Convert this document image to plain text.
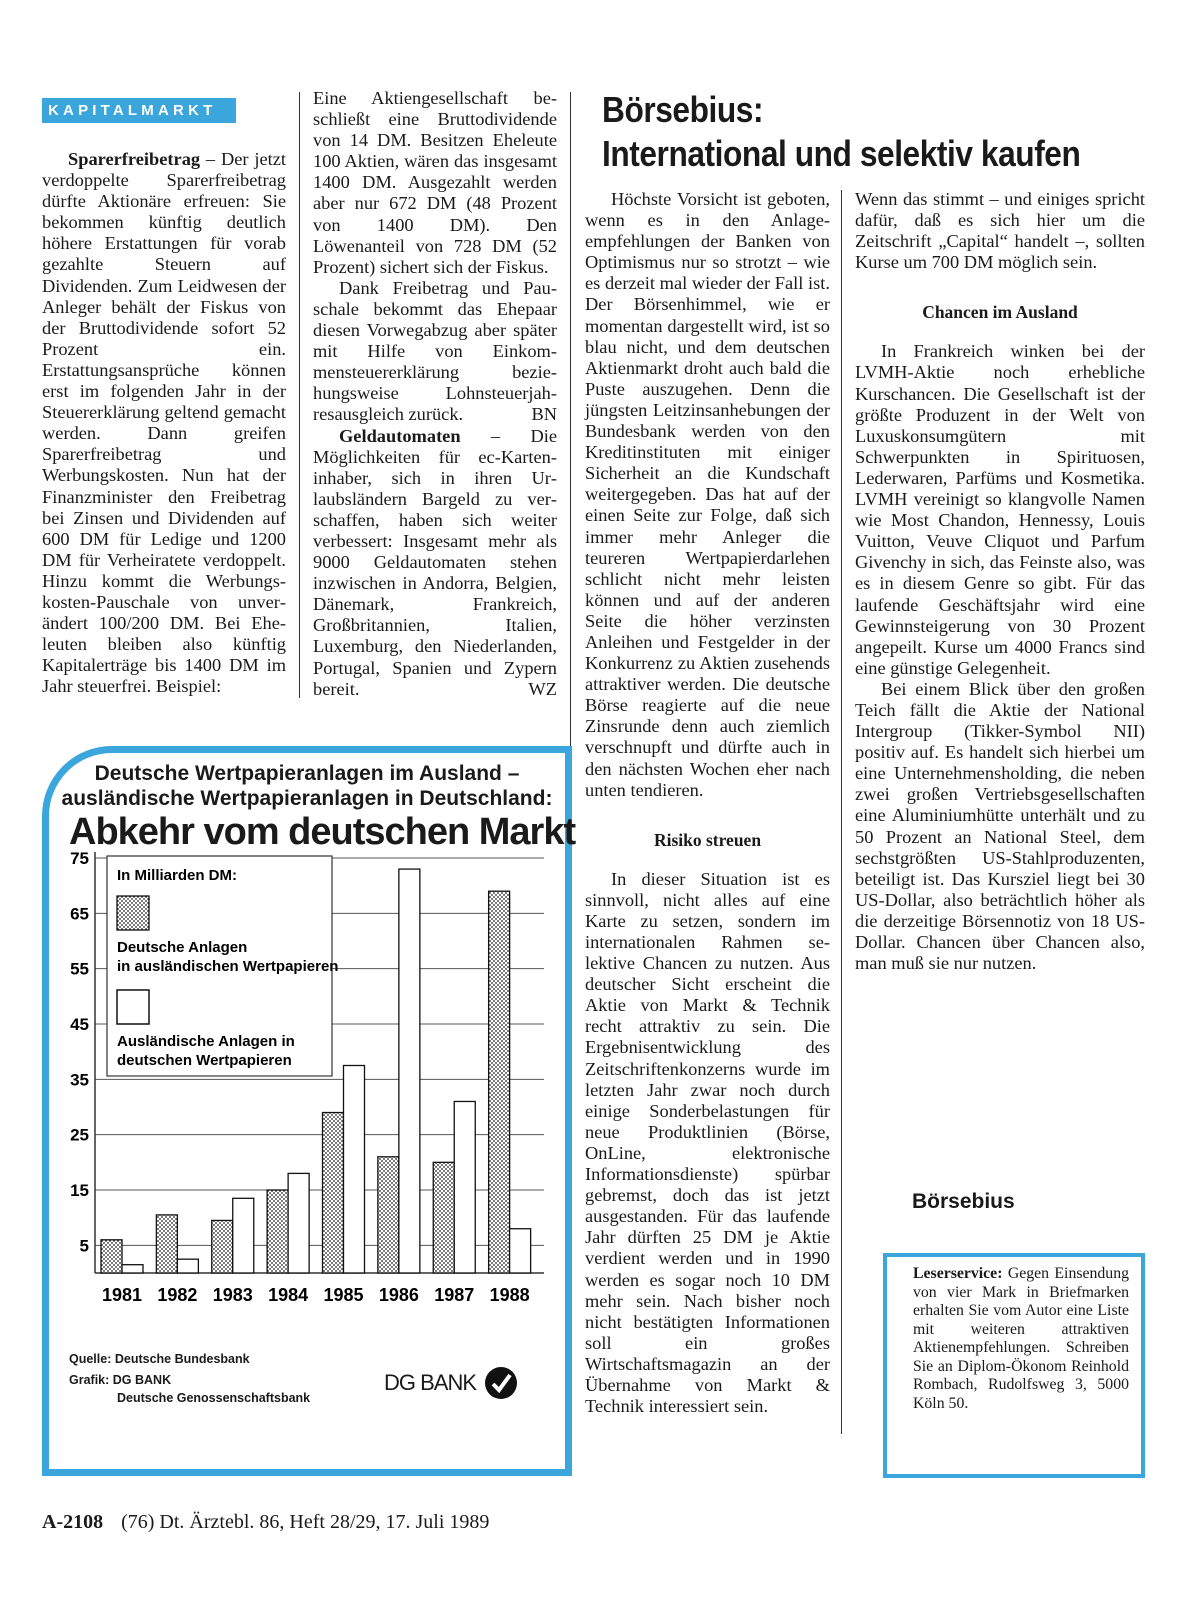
KAPITALMARKT

Sparerfreibetrag – Der jetzt verdoppelte Sparerfreibetrag dürfte Aktionäre erfreuen: Sie bekommen künftig deutlich höhere Erstattungen für vorab gezahlte Steuern auf Dividenden. Zum Leidwesen der Anleger behält der Fiskus von der Bruttodividende sofort 52 Prozent ein. Erstattungsansprüche können erst im folgenden Jahr in der Steuererklärung geltend gemacht werden. Dann greifen Sparerfreibetrag und Werbungskosten. Nun hat der Finanzminister den Freibetrag bei Zinsen und Dividenden auf 600 DM für Ledige und 1200 DM für Verheiratete verdoppelt. Hinzu kommt die Werbungskosten-Pauschale von unverändert 100/200 DM. Bei Eheleuten bleiben also künftig Kapitalerträge bis 1400 DM im Jahr steuerfrei. Beispiel:

Eine Aktiengesellschaft beschließt eine Bruttodividende von 14 DM. Besitzen Eheleute 100 Aktien, wären das insgesamt 1400 DM. Ausgezahlt werden aber nur 672 DM (48 Prozent von 1400 DM). Den Löwenanteil von 728 DM (52 Prozent) sichert sich der Fiskus.

Dank Freibetrag und Pauschale bekommt das Ehepaar diesen Vorwegabzug aber später mit Hilfe von Einkommensteuererklärung beziehungsweise Lohnsteuerjahresausgleich zurück.	BN

Geldautomaten – Die Möglichkeiten für ec-Karteninhaber, sich in ihren Urlaubsländern Bargeld zu verschaffen, haben sich weiter verbessert: Insgesamt mehr als 9000 Geldautomaten stehen inzwischen in Andorra, Belgien, Dänemark, Frankreich, Großbritannien, Italien, Luxemburg, den Niederlanden, Portugal, Spanien und Zypern bereit.	WZ

Börsebius:
International und selektiv kaufen

Höchste Vorsicht ist geboten, wenn es in den Anlageempfehlungen der Banken von Optimismus nur so strotzt – wie es derzeit mal wieder der Fall ist. Der Börsenhimmel, wie er momentan dargestellt wird, ist so blau nicht, und dem deutschen Aktienmarkt droht auch bald die Puste auszugehen. Denn die jüngsten Leitzinsanhebungen der Bundesbank werden von den Kreditinstituten mit einiger Sicherheit an die Kundschaft weitergegeben. Das hat auf der einen Seite zur Folge, daß sich immer mehr Anleger die teureren Wertpapierdarlehen schlicht nicht mehr leisten können und auf der anderen Seite die höher verzinsten Anleihen und Festgelder in der Konkurrenz zu Aktien zusehends attraktiver werden. Die deutsche Börse reagierte auf die neue Zinsrunde denn auch ziemlich verschnupft und dürfte auch in den nächsten Wochen eher nach unten tendieren.

Risiko streuen

In dieser Situation ist es sinnvoll, nicht alles auf eine Karte zu setzen, sondern im internationalen Rahmen selektive Chancen zu nutzen. Aus deutscher Sicht erscheint die Aktie von Markt & Technik recht attraktiv zu sein. Die Ergebnisentwicklung des Zeitschriftenkonzerns wurde im letzten Jahr zwar noch durch einige Sonderbelastungen für neue Produktlinien (Börse, OnLine, elektronische Informationsdienste) spürbar gebremst, doch das ist jetzt ausgestanden. Für das laufende Jahr dürften 25 DM je Aktie verdient werden und in 1990 werden es sogar noch 10 DM mehr sein. Nach bisher noch nicht bestätigten Informationen soll ein großes Wirtschaftsmagazin an der Übernahme von Markt & Technik interessiert sein.

Wenn das stimmt – und einiges spricht dafür, daß es sich hier um die Zeitschrift „Capital“ handelt –, sollten Kurse um 700 DM möglich sein.

Chancen im Ausland

In Frankreich winken bei der LVMH-Aktie noch erhebliche Kurschancen. Die Gesellschaft ist der größte Produzent in der Welt von Luxuskonsumgütern mit Schwerpunkten in Spirituosen, Lederwaren, Parfüms und Kosmetika. LVMH vereinigt so klangvolle Namen wie Most Chandon, Hennessy, Louis Vuitton, Veuve Cliquot und Parfum Givenchy in sich, das Feinste also, was es in diesem Genre so gibt. Für das laufende Geschäftsjahr wird eine Gewinnsteigerung von 30 Prozent angepeilt. Kurse um 4000 Francs sind eine günstige Gelegenheit.

Bei einem Blick über den großen Teich fällt die Aktie der National Intergroup (Tikker-Symbol NII) positiv auf. Es handelt sich hierbei um eine Unternehmensholding, die neben zwei großen Vertriebsgesellschaften eine Aluminiumhütte unterhält und zu 50 Prozent an National Steel, dem sechstgrößten US-Stahlproduzenten, beteiligt ist. Das Kursziel liegt bei 30 US-Dollar, also beträchtlich höher als die derzeitige Börsennotiz von 18 US-Dollar. Chancen über Chancen also, man muß sie nur nutzen.

Börsebius
Leserservice: Gegen Einsendung von vier Mark in Briefmarken erhalten Sie vom Autor eine Liste mit weiteren attraktiven Aktienempfehlungen. Schreiben Sie an Diplom-Ökonom Reinhold Rombach, Rudolfsweg 3, 5000 Köln 50.
Deutsche Wertpapieranlagen im Ausland –
ausländische Wertpapieranlagen in Deutschland:
Abkehr vom deutschen Markt
5
15
25
35
45
55
65
75
1981 1982 1983 1984 1985 1986 1987 1988
In Milliarden DM:
Deutsche Anlagen
in ausländischen Wertpapieren
Ausländische Anlagen in
deutschen Wertpapieren
Quelle: Deutsche Bundesbank
Grafik: DG BANK
Deutsche Genossenschaftsbank
DG BANK
A-2108 (76) Dt. Ärztebl. 86, Heft 28/29, 17. Juli 1989
